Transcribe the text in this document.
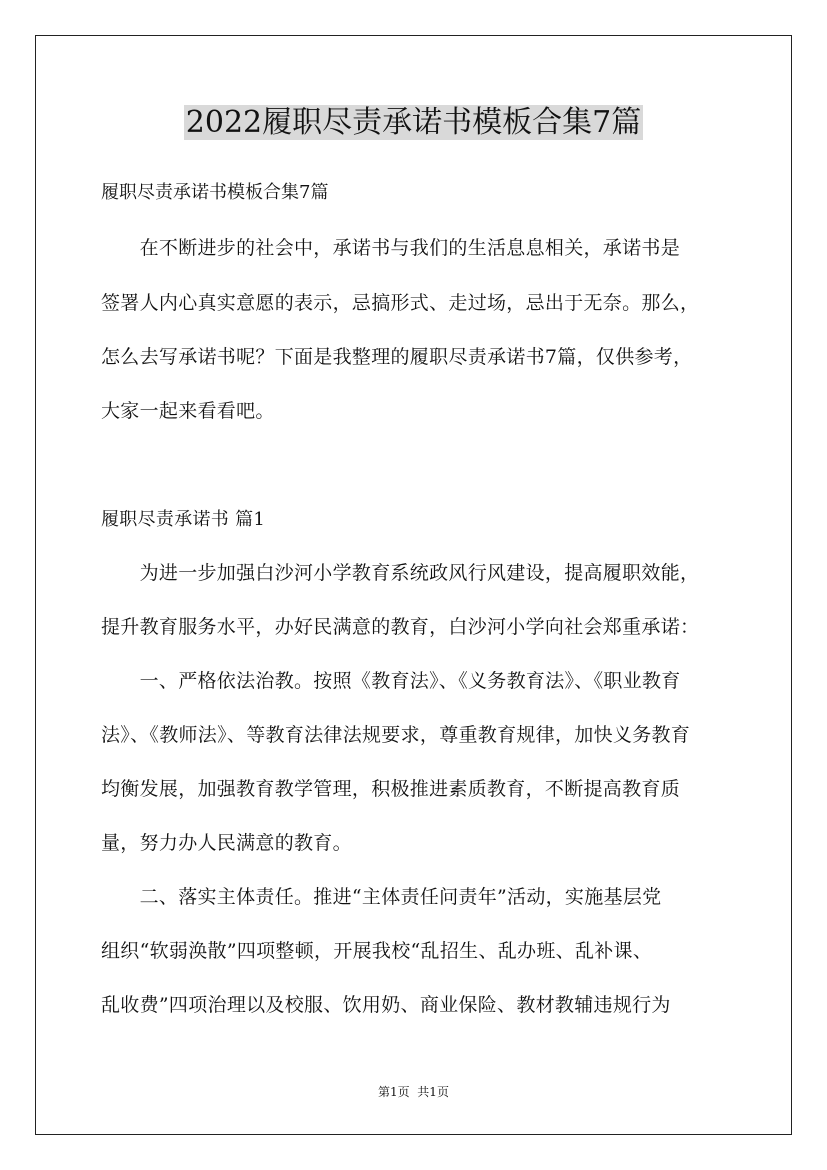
2022履职尽责承诺书模板合集7篇
履职尽责承诺书模板合集7篇
　　在不断进步的社会中，承诺书与我们的生活息息相关，承诺书是
签署人内心真实意愿的表示，忌搞形式、走过场，忌出于无奈。那么，
怎么去写承诺书呢？下面是我整理的履职尽责承诺书7篇，仅供参考，
大家一起来看看吧。
履职尽责承诺书 篇1
　　为进一步加强白沙河小学教育系统政风行风建设，提高履职效能，
提升教育服务水平，办好民满意的教育，白沙河小学向社会郑重承诺：
　　一、严格依法治教。按照《教育法》、《义务教育法》、《职业教育
法》、《教师法》、等教育法律法规要求，尊重教育规律，加快义务教育
均衡发展，加强教育教学管理，积极推进素质教育，不断提高教育质
量，努力办人民满意的教育。
　　二、落实主体责任。推进“主体责任问责年”活动，实施基层党
组织“软弱涣散”四项整顿，开展我校“乱招生、乱办班、乱补课、
乱收费”四项治理以及校服、饮用奶、商业保险、教材教辅违规行为
第1页  共1页
